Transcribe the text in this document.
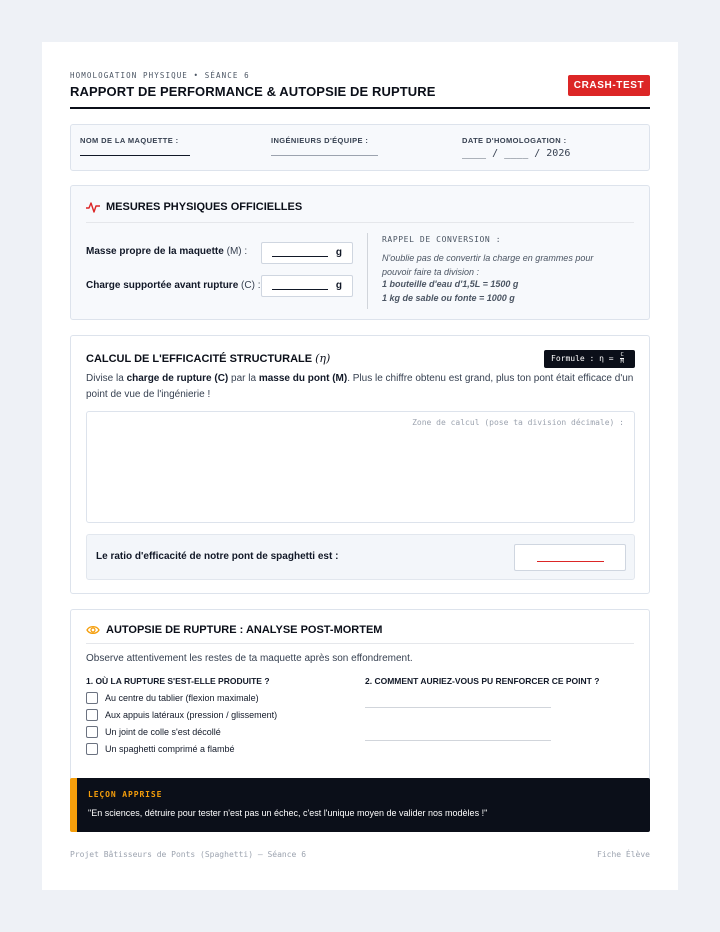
HOMOLOGATION PHYSIQUE • SÉANCE 6
RAPPORT DE PERFORMANCE & AUTOPSIE DE RUPTURE	CRASH-TEST
NOM DE LA MAQUETTE :	INGÉNIEURS D'ÉQUIPE :	DATE D'HOMOLOGATION :
____ / ____ / 2026
MESURES PHYSIQUES OFFICIELLES
Masse propre de la maquette (M) :	g
Charge supportée avant rupture (C) :	g
RAPPEL DE CONVERSION :
N'oublie pas de convertir la charge en grammes pour pouvoir faire ta division :
1 bouteille d'eau d'1,5L = 1500 g
1 kg de sable ou fonte = 1000 g
CALCUL DE L'EFFICACITÉ STRUCTURALE (η)	Formule : $\eta = \frac{C}{M}$
Divise la charge de rupture (C) par la masse du pont (M). Plus le chiffre obtenu est grand, plus ton pont était efficace d'un point de vue de l'ingénierie !
Zone de calcul (pose ta division décimale) :
Le ratio d'efficacité de notre pont de spaghetti est :
AUTOPSIE DE RUPTURE : ANALYSE POST-MORTEM
Observe attentivement les restes de ta maquette après son effondrement.
1. OÙ LA RUPTURE S'EST-ELLE PRODUITE ?	2. COMMENT AURIEZ-VOUS PU RENFORCER CE POINT ?
Au centre du tablier (flexion maximale)
Aux appuis latéraux (pression / glissement)
Un joint de colle s'est décollé
Un spaghetti comprimé a flambé
LEÇON APPRISE
"En sciences, détruire pour tester n'est pas un échec, c'est l'unique moyen de valider nos modèles !"
Projet Bâtisseurs de Ponts (Spaghetti) — Séance 6	Fiche Élève
